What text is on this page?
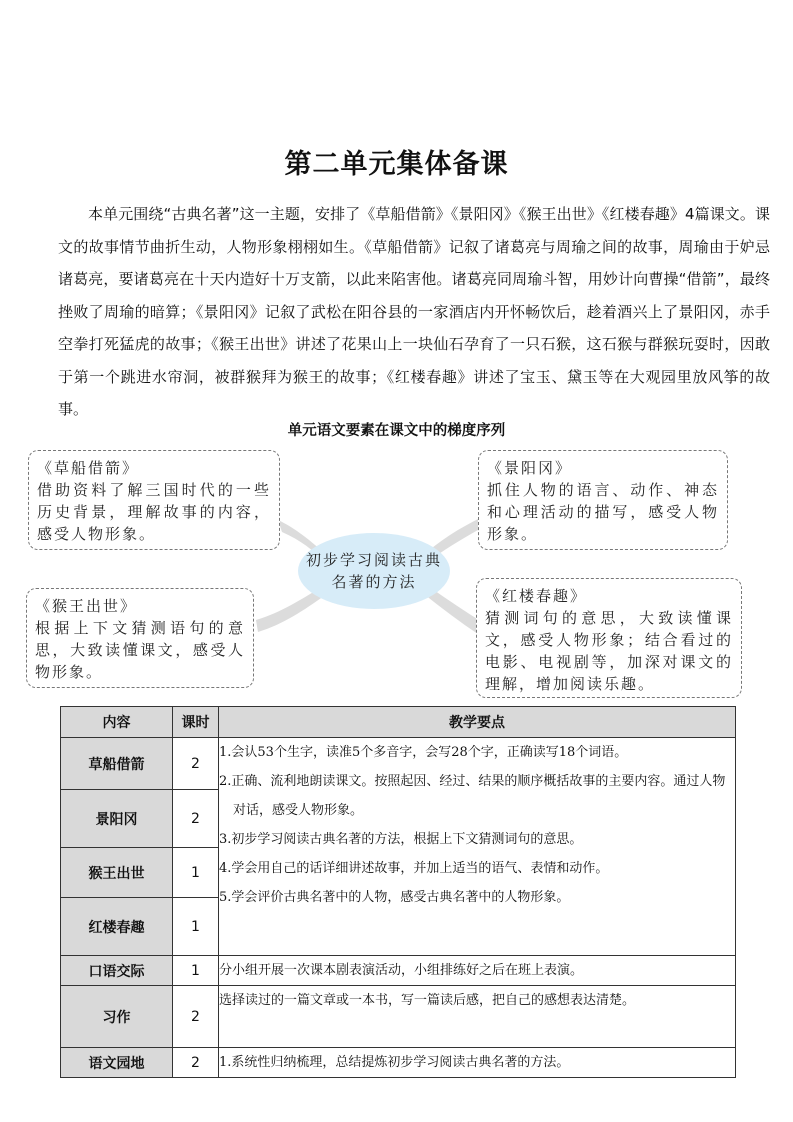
第二单元集体备课
本单元围绕“古典名著”这一主题，安排了《草船借箭》《景阳冈》《猴王出世》《红楼春趣》4篇课文。课文的故事情节曲折生动，人物形象栩栩如生。《草船借箭》记叙了诸葛亮与周瑜之间的故事，周瑜由于妒忌诸葛亮，要诸葛亮在十天内造好十万支箭，以此来陷害他。诸葛亮同周瑜斗智，用妙计向曹操“借箭”，最终挫败了周瑜的暗算；《景阳冈》记叙了武松在阳谷县的一家酒店内开怀畅饮后，趁着酒兴上了景阳冈，赤手空拳打死猛虎的故事；《猴王出世》讲述了花果山上一块仙石孕育了一只石猴，这石猴与群猴玩耍时，因敢于第一个跳进水帘洞，被群猴拜为猴王的故事；《红楼春趣》讲述了宝玉、黛玉等在大观园里放风筝的故事。
单元语文要素在课文中的梯度序列
《草船借箭》
借助资料了解三国时代的一些历史背景，理解故事的内容，感受人物形象。
《景阳冈》
抓住人物的语言、动作、神态和心理活动的描写，感受人物形象。
《猴王出世》
根据上下文猜测语句的意思，大致读懂课文，感受人物形象。
《红楼春趣》
猜测词句的意思，大致读懂课文，感受人物形象；结合看过的电影、电视剧等，加深对课文的理解，增加阅读乐趣。
初步学习阅读古典名著的方法
内容	课时	教学要点
草船借箭	2	1.会认53个生字，读准5个多音字，会写28个字，正确读写18个词语。
2.正确、流利地朗读课文。按照起因、经过、结果的顺序概括故事的主要内容。通过人物对话，感受人物形象。
3.初步学习阅读古典名著的方法，根据上下文猜测词句的意思。
4.学会用自己的话详细讲述故事，并加上适当的语气、表情和动作。
5.学会评价古典名著中的人物，感受古典名著中的人物形象。

景阳冈	2	
猴王出世	1	
红楼春趣	1	
口语交际	1	分小组开展一次课本剧表演活动，小组排练好之后在班上表演。

习作	2	选择读过的一篇文章或一本书，写一篇读后感，把自己的感想表达清楚。

语文园地	2	1.系统性归纳梳理，总结提炼初步学习阅读古典名著的方法。
